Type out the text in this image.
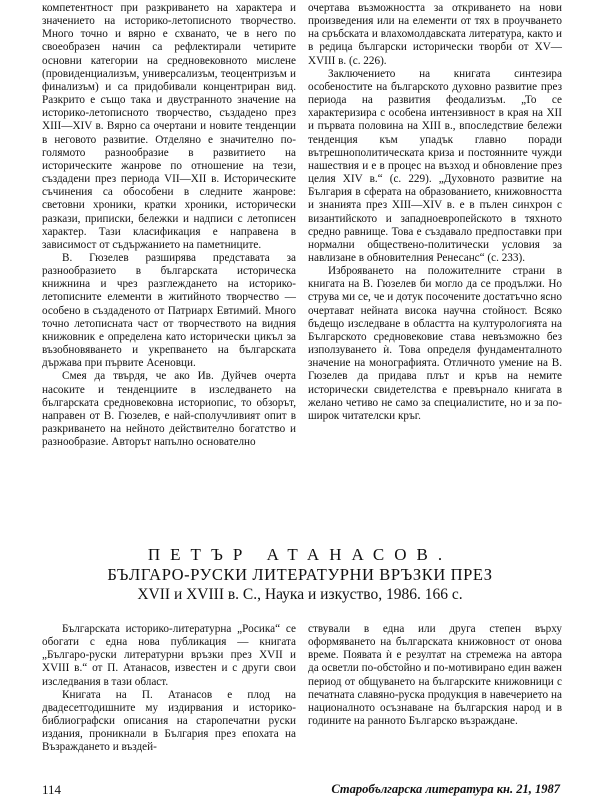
компетентност при разкриването на характера и значението на историко-летописното творчество. Много точно и вярно е схванато, че в него по своеобразен начин са рефлектирали четирите основни категории на средновековното мислене (провиденциализъм, универсализъм, теоцентризъм и финализъм) и са придобивали концентриран вид. Разкрито е също така и двустранното значение на историко-летописното творчество, създадено през XIII—XIV в. Вярно са очертани и новите тенденции в неговото развитие. Отделяно е значително по-голямото разнообразие в развитието на историческите жанрове по отношение на тези, създадени през периода VII—XII в. Историческите съчинения са обособени в следните жанрове: световни хроники, кратки хроники, исторически разкази, приписки, бележки и надписи с летописен характер. Тази класификация е направена в зависимост от съдържанието на паметниците.

В. Гюзелев разширява представата за разнообразието в българската историческа книжнина и чрез разглеждането на историко-летописните елементи в житийното творчество — особено в създаденото от Патриарх Евтимий. Много точно летописната част от творчеството на видния книжовник е определена като исторически цикъл за възобновяването и укрепването на българската държава при първите Асеновци.

Смея да твърдя, че ако Ив. Дуйчев очерта насоките и тенденциите в изследването на българската средновековна историопис, то обзорът, направен от В. Гюзелев, е най-сполучливият опит в разкриването на нейното действително богатство и разнообразие. Авторът напълно основателно

очертава възможността за откриването на нови произведения или на елементи от тях в проучването на сръбската и влахомолдавската литература, както и в редица български исторически творби от XV—XVIII в. (с. 226).

Заключението на книгата синтезира особеностите на българското духовно развитие през периода на развития феодализъм. „То се характеризира с особена интензивност в края на XII и първата половина на XIII в., впоследствие бележи тенденция към упадък главно поради вътрешнополитическата криза и постоянните чужди нашествия и е в процес на възход и обновление през целия XIV в.“ (с. 229). „Духовното развитие на България в сферата на образованието, книжовността и знанията през XIII—XIV в. е в пълен синхрон с византийското и западноевропейското в тяхното средно равнище. Това е създавало предпоставки при нормални обществено-политически условия за навлизане в обновителния Ренесанс“ (с. 233).

Изброяването на положителните страни в книгата на В. Гюзелев би могло да се продължи. Но струва ми се, че и дотук посочените достатъчно ясно очертават нейната висока научна стойност. Всяко бъдещо изследване в областта на културологията на Българското средновековие става невъзможно без използуването ѝ. Това определя фундаменталното значение на монографията. Отличното умение на В. Гюзелев да придава плът и кръв на немите исторически свидетелства е превърнало книгата в желано четиво не само за специалистите, но и за по-широк читателски кръг.

ПЕТЪР АТАНАСОВ.
БЪЛГАРО-РУСКИ ЛИТЕРАТУРНИ ВРЪЗКИ ПРЕЗ
XVII и XVIII в. С., Наука и изкуство, 1986. 166 с.

Българската историко-литературна „Росика“ се обогати с една нова публикация — книгата „Българо-руски литературни връзки през XVII и XVIII в.“ от П. Атанасов, известен и с други свои изследвания в тази област.

Книгата на П. Атанасов е плод на двадесетгодишните му издирвания и историко-библиографски описания на старопечатни руски издания, проникнали в България през епохата на Възраждането и въздей-

ствували в една или друга степен върху оформяването на българската книжовност от онова време. Появата ѝ е резултат на стремежа на автора да осветли по-обстойно и по-мотивирано един важен период от общуването на българските книжовници с печатната славяно-руска продукция в навечерието на националното осъзнаване на българския народ и в годините на ранното Българско възраждане.

114	Старобългарска литература кн. 21, 1987
